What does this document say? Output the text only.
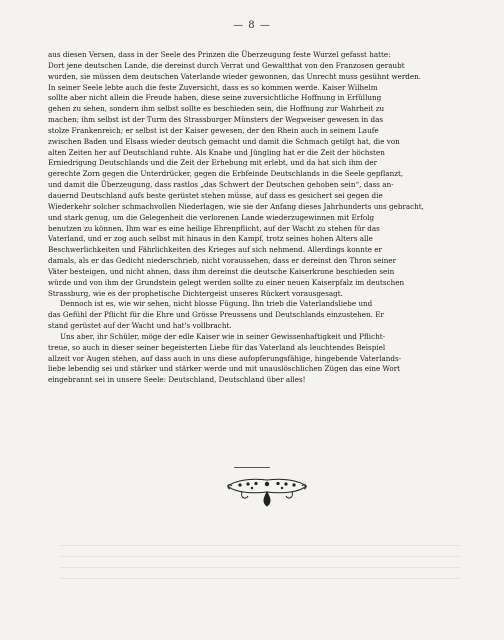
— 8 —
aus diesen Versen, dass in der Seele des Prinzen die Überzeugung feste Wurzel gefasst hatte:
Dort jene deutschen Lande, die dereinst durch Verrat und Gewaltthat von den Franzosen geraubt
wurden, sie müssen dem deutschen Vaterlande wieder gewonnen, das Unrecht muss gesühnt werden.
In seiner Seele lebte auch die feste Zuversicht, dass es so kommen werde. Kaiser Wilhelm
sollte aber nicht allein die Freude haben, diese seine zuversichtliche Hoffnung in Erfüllung
gehen zu sehen, sondern ihm selbst sollte es beschieden sein, die Hoffnung zur Wahrheit zu
machen; ihm selbst ist der Turm des Strassburger Münsters der Wegweiser gewesen in das
stolze Frankenreich; er selbst ist der Kaiser gewesen, der den Rhein auch in seinem Laufe
zwischen Baden und Elsass wieder deutsch gemacht und damit die Schmach getilgt hat, die von
alten Zeiten her auf Deutschland ruhte. Als Knabe und Jüngling hat er die Zeit der höchsten
Erniedrigung Deutschlands und die Zeit der Erhebung mit erlebt, und da hat sich ihm der
gerechte Zorn gegen die Unterdrücker, gegen die Erbfeinde Deutschlands in die Seele gepflanzt,
und damit die Überzeugung, dass rastlos „das Schwert der Deutschen gehoben sein“, dass an-
dauernd Deutschland aufs beste gerüstet stehen müsse, auf dass es gesichert sei gegen die
Wiederkehr solcher schmachvollen Niederlagen, wie sie der Anfang dieses Jahrhunderts uns gebracht,
und stark genug, um die Gelegenheit die verlorenen Lande wiederzugewinnen mit Erfolg
benutzen zu können. Ihm war es eine heilige Ehrenpflicht, auf der Wacht zu stehen für das
Vaterland, und er zog auch selbst mit hinaus in den Kampf, trotz seines hohen Alters alle
Beschwerlichkeiten und Fährlichkeiten des Krieges auf sich nehmend. Allerdings konnte er
damals, als er das Gedicht niederschrieb, nicht voraussehen, dass er dereinst den Thron seiner
Väter besteigen, und nicht ahnen, dass ihm dereinst die deutsche Kaiserkrone beschieden sein
würde und von ihm der Grundstein gelegt werden sollte zu einer neuen Kaiserpfalz im deutschen
Strassburg, wie es der prophetische Dichtergeist unseres Rückert vorausgesagt.
Dennoch ist es, wie wir sehen, nicht blosse Fügung. Ihn trieb die Vaterlandsliebe und
das Gefühl der Pflicht für die Ehre und Grösse Preussens und Deutschlands einzustehen. Er
stand gerüstet auf der Wacht und hat's vollbracht.
Uns aber, ihr Schüler, möge der edle Kaiser wie in seiner Gewissenhaftigkeit und Pflicht-
treue, so auch in dieser seiner begeisterten Liebe für das Vaterland als leuchtendes Beispiel
allzeit vor Augen stehen, auf dass auch in uns diese aufopferungsfähige, hingebende Vaterlands-
liebe lebendig sei und stärker und stärker werde und mit unauslöschlichen Zügen das eine Wort
eingebrannt sei in unsere Seele: Deutschland, Deutschland über alles!
